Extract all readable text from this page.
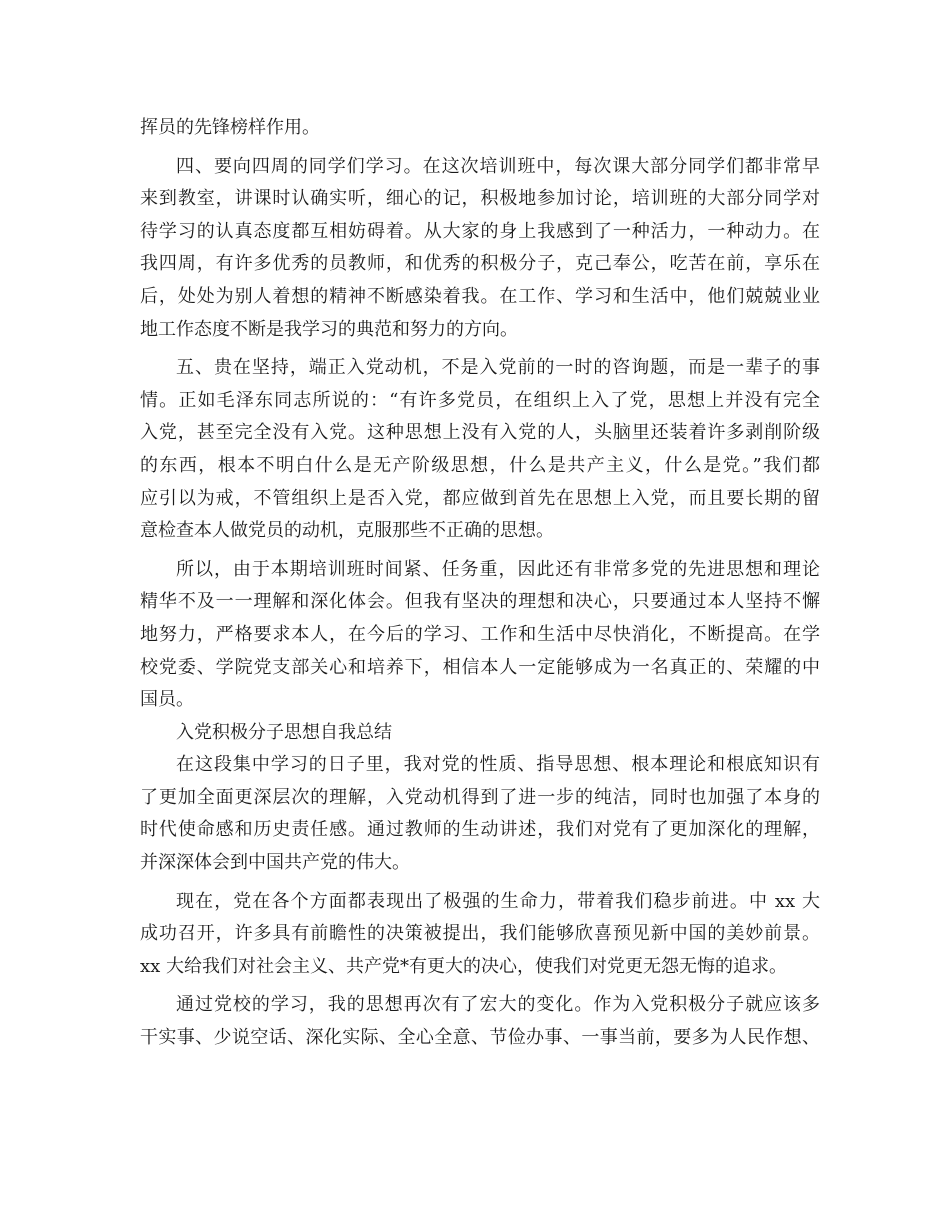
挥员的先锋榜样作用。
四、要向四周的同学们学习。在这次培训班中，每次课大部分同学们都非常早
来到教室，讲课时认确实听，细心的记，积极地参加讨论，培训班的大部分同学对
待学习的认真态度都互相妨碍着。从大家的身上我感到了一种活力，一种动力。在
我四周，有许多优秀的员教师，和优秀的积极分子，克己奉公，吃苦在前，享乐在
后，处处为别人着想的精神不断感染着我。在工作、学习和生活中，他们兢兢业业
地工作态度不断是我学习的典范和努力的方向。
五、贵在坚持，端正入党动机，不是入党前的一时的咨询题，而是一辈子的事
情。正如毛泽东同志所说的：“有许多党员，在组织上入了党，思想上并没有完全
入党，甚至完全没有入党。这种思想上没有入党的人，头脑里还装着许多剥削阶级
的东西，根本不明白什么是无产阶级思想，什么是共产主义，什么是党。”我们都
应引以为戒，不管组织上是否入党，都应做到首先在思想上入党，而且要长期的留
意检查本人做党员的动机，克服那些不正确的思想。
所以，由于本期培训班时间紧、任务重，因此还有非常多党的先进思想和理论
精华不及一一理解和深化体会。但我有坚决的理想和决心，只要通过本人坚持不懈
地努力，严格要求本人，在今后的学习、工作和生活中尽快消化，不断提高。在学
校党委、学院党支部关心和培养下，相信本人一定能够成为一名真正的、荣耀的中
国员。
入党积极分子思想自我总结
在这段集中学习的日子里，我对党的性质、指导思想、根本理论和根底知识有
了更加全面更深层次的理解，入党动机得到了进一步的纯洁，同时也加强了本身的
时代使命感和历史责任感。通过教师的生动讲述，我们对党有了更加深化的理解，
并深深体会到中国共产党的伟大。
现在，党在各个方面都表现出了极强的生命力，带着我们稳步前进。中 xx 大
成功召开，许多具有前瞻性的决策被提出，我们能够欣喜预见新中国的美妙前景。
xx 大给我们对社会主义、共产党*有更大的决心，使我们对党更无怨无悔的追求。
通过党校的学习，我的思想再次有了宏大的变化。作为入党积极分子就应该多
干实事、少说空话、深化实际、全心全意、节俭办事、一事当前，要多为人民作想、
